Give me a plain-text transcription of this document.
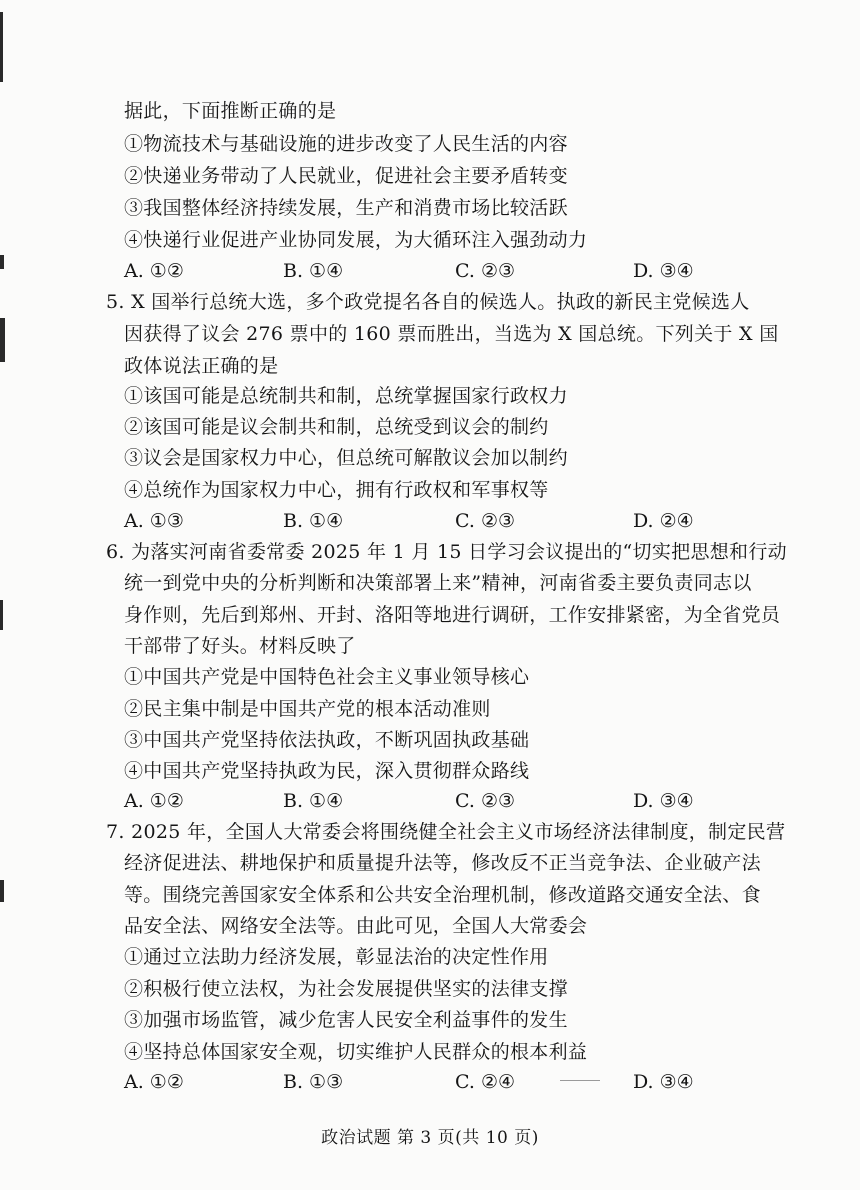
据此，下面推断正确的是
①物流技术与基础设施的进步改变了人民生活的内容
②快递业务带动了人民就业，促进社会主要矛盾转变
③我国整体经济持续发展，生产和消费市场比较活跃
④快递行业促进产业协同发展，为大循环注入强劲动力
A. ①②	B. ①④	C. ②③	D. ③④
5. X 国举行总统大选，多个政党提名各自的候选人。执政的新民主党候选人
因获得了议会 276 票中的 160 票而胜出，当选为 X 国总统。下列关于 X 国
政体说法正确的是
①该国可能是总统制共和制，总统掌握国家行政权力
②该国可能是议会制共和制，总统受到议会的制约
③议会是国家权力中心，但总统可解散议会加以制约
④总统作为国家权力中心，拥有行政权和军事权等
A. ①③	B. ①④	C. ②③	D. ②④
6. 为落实河南省委常委 2025 年 1 月 15 日学习会议提出的“切实把思想和行动
统一到党中央的分析判断和决策部署上来”精神，河南省委主要负责同志以
身作则，先后到郑州、开封、洛阳等地进行调研，工作安排紧密，为全省党员
干部带了好头。材料反映了
①中国共产党是中国特色社会主义事业领导核心
②民主集中制是中国共产党的根本活动准则
③中国共产党坚持依法执政，不断巩固执政基础
④中国共产党坚持执政为民，深入贯彻群众路线
A. ①②	B. ①④	C. ②③	D. ③④
7. 2025 年，全国人大常委会将围绕健全社会主义市场经济法律制度，制定民营
经济促进法、耕地保护和质量提升法等，修改反不正当竞争法、企业破产法
等。围绕完善国家安全体系和公共安全治理机制，修改道路交通安全法、食
品安全法、网络安全法等。由此可见，全国人大常委会
①通过立法助力经济发展，彰显法治的决定性作用
②积极行使立法权，为社会发展提供坚实的法律支撑
③加强市场监管，减少危害人民安全利益事件的发生
④坚持总体国家安全观，切实维护人民群众的根本利益
A. ①②	B. ①③	C. ②④	D. ③④
政治试题 第 3 页(共 10 页)
